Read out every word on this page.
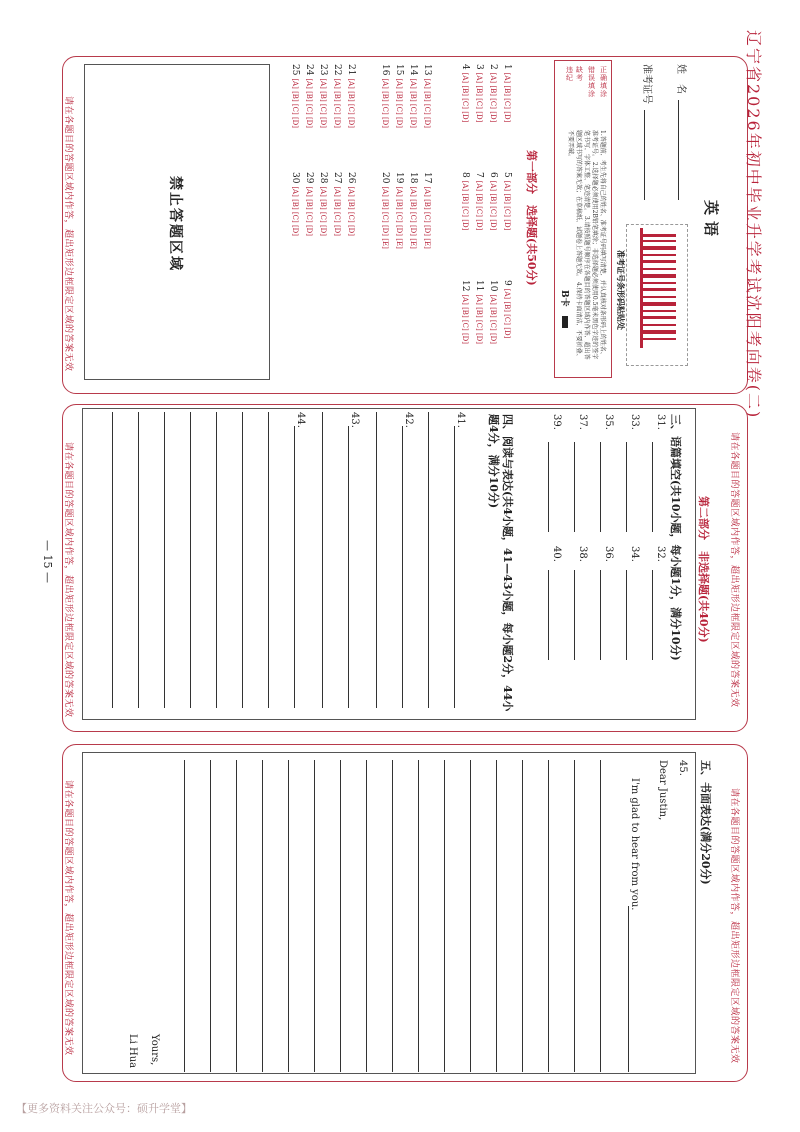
辽宁省2026年初中毕业升学考试沈阳考向卷(二)
英语
姓　名
准考证号
准考证号条形码粘贴处
正确填涂
错误填涂
缺考
违纪
1.答题前，考生先将自己的姓名、准考证号码填写清楚，并认真核对条形码上的姓名、准考证号。 2.选择题必须使用2B铅笔填涂；非选择题必须使用0.5毫米黑色字迹的签字笔书写，字体工整、笔迹清楚。 3.请按照题号顺序在各题目的答题区域内作答，超出答题区域书写的答案无效；在草稿纸、试题卷上答题无效。 4.保持卡面清洁，不要折叠、不要弄破。
B卡
第一部分　选择题(共50分)
1 [A] [B] [C] [D]
2 [A] [B] [C] [D]
3 [A] [B] [C] [D]
4 [A] [B] [C] [D]
13 [A] [B] [C] [D]
14 [A] [B] [C] [D]
15 [A] [B] [C] [D]
16 [A] [B] [C] [D]
21 [A] [B] [C] [D]
22 [A] [B] [C] [D]
23 [A] [B] [C] [D]
24 [A] [B] [C] [D]
25 [A] [B] [C] [D]
5 [A] [B] [C] [D]
6 [A] [B] [C] [D]
7 [A] [B] [C] [D]
8 [A] [B] [C] [D]
17 [A] [B] [C] [D] [E]
18 [A] [B] [C] [D] [E]
19 [A] [B] [C] [D] [E]
20 [A] [B] [C] [D] [E]
26 [A] [B] [C] [D]
27 [A] [B] [C] [D]
28 [A] [B] [C] [D]
29 [A] [B] [C] [D]
30 [A] [B] [C] [D]
9 [A] [B] [C] [D]
10 [A] [B] [C] [D]
11 [A] [B] [C] [D]
12 [A] [B] [C] [D]
禁止答题区域
请在各题目的答题区域内作答，超出矩形边框限定区域的答案无效
请在各题目的答题区域内作答，超出矩形边框限定区域的答案无效
第二部分　非选择题(共40分)
请在各题目的答题区域内作答，超出矩形边框限定区域的答案无效	三、语篇填空(共10小题，每小题1分，满分10分)
31.
32.
33.
34.
35.
36.
37.
38.
39.
40.
四、阅读与表达(共4小题，41—43小题，每小题2分，44小题4分，满分10分)
41.
42.
43.
44.
— 15 —
请在各题目的答题区域内作答，超出矩形边框限定区域的答案无效
请在各题目的答题区域内作答，超出矩形边框限定区域的答案无效	五、书面表达(满分20分)
45.
Dear Justin,
I'm glad to hear from you.
Yours,
Li Hua
【更多资料关注公众号：硕升学堂】
